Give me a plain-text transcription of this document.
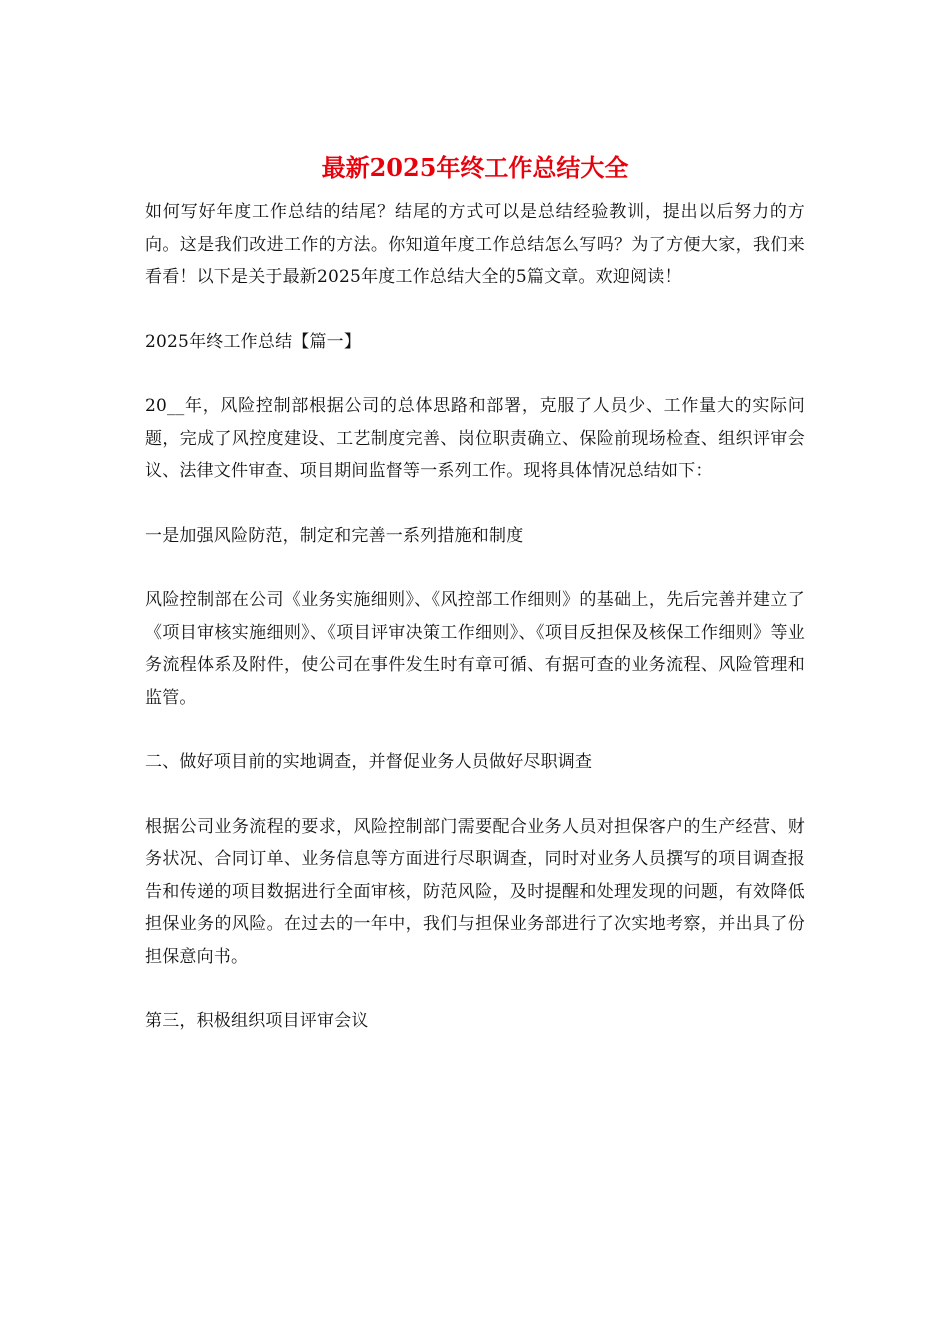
最新2025年终工作总结大全

如何写好年度工作总结的结尾？结尾的方式可以是总结经验教训，提出以后努力的方向。这是我们改进工作的方法。你知道年度工作总结怎么写吗？为了方便大家，我们来看看！以下是关于最新2025年度工作总结大全的5篇文章。欢迎阅读！

2025年终工作总结【篇一】

20__年，风险控制部根据公司的总体思路和部署，克服了人员少、工作量大的实际问题，完成了风控度建设、工艺制度完善、岗位职责确立、保险前现场检查、组织评审会议、法律文件审查、项目期间监督等一系列工作。现将具体情况总结如下：

一是加强风险防范，制定和完善一系列措施和制度

风险控制部在公司《业务实施细则》、《风控部工作细则》的基础上，先后完善并建立了《项目审核实施细则》、《项目评审决策工作细则》、《项目反担保及核保工作细则》等业务流程体系及附件，使公司在事件发生时有章可循、有据可查的业务流程、风险管理和监管。

二、做好项目前的实地调查，并督促业务人员做好尽职调查

根据公司业务流程的要求，风险控制部门需要配合业务人员对担保客户的生产经营、财务状况、合同订单、业务信息等方面进行尽职调查，同时对业务人员撰写的项目调查报告和传递的项目数据进行全面审核，防范风险，及时提醒和处理发现的问题，有效降低担保业务的风险。在过去的一年中，我们与担保业务部进行了次实地考察，并出具了份担保意向书。

第三，积极组织项目评审会议
